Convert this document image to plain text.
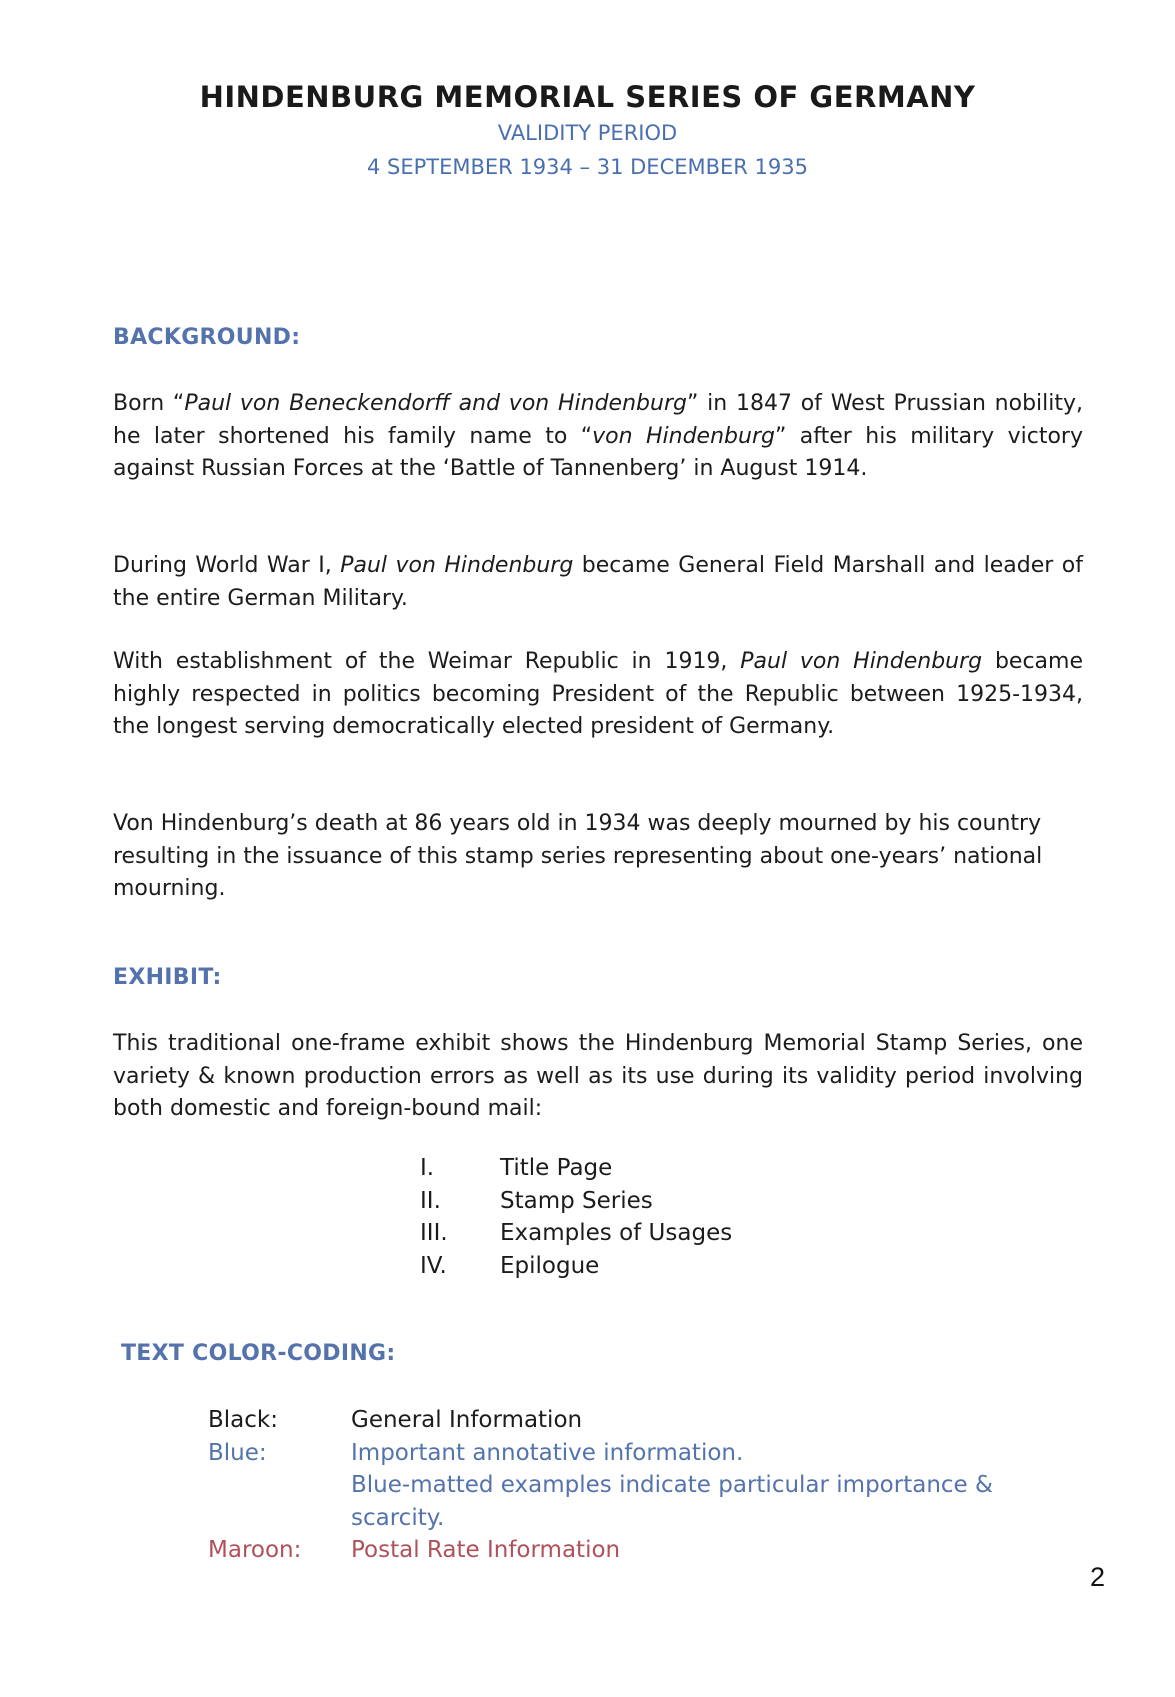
HINDENBURG MEMORIAL SERIES OF GERMANY
VALIDITY PERIOD
4 SEPTEMBER 1934 – 31 DECEMBER 1935
BACKGROUND:

Born “Paul von Beneckendorff and von Hindenburg” in 1847 of West Prussian nobility, he later shortened his family name to “von Hindenburg” after his military victory against Russian Forces at the ‘Battle of Tannenberg’ in August 1914.

During World War I, Paul von Hindenburg became General Field Marshall and leader of the entire German Military.

With establishment of the Weimar Republic in 1919, Paul von Hindenburg became highly respected in politics becoming President of the Republic between 1925-1934, the longest serving democratically elected president of Germany.

Von Hindenburg’s death at 86 years old in 1934 was deeply mourned by his country resulting in the issuance of this stamp series representing about one-years’ national mourning.

EXHIBIT:

This traditional one-frame exhibit shows the Hindenburg Memorial Stamp Series, one variety & known production errors as well as its use during its validity period involving both domestic and foreign-bound mail:

I.	Title Page
II.	Stamp Series
III.	Examples of Usages
IV.	Epilogue
TEXT COLOR-CODING:
Black:	General Information
Blue:	Important annotative information.
Blue-matted examples indicate particular importance & scarcity.
Maroon:	Postal Rate Information
2
